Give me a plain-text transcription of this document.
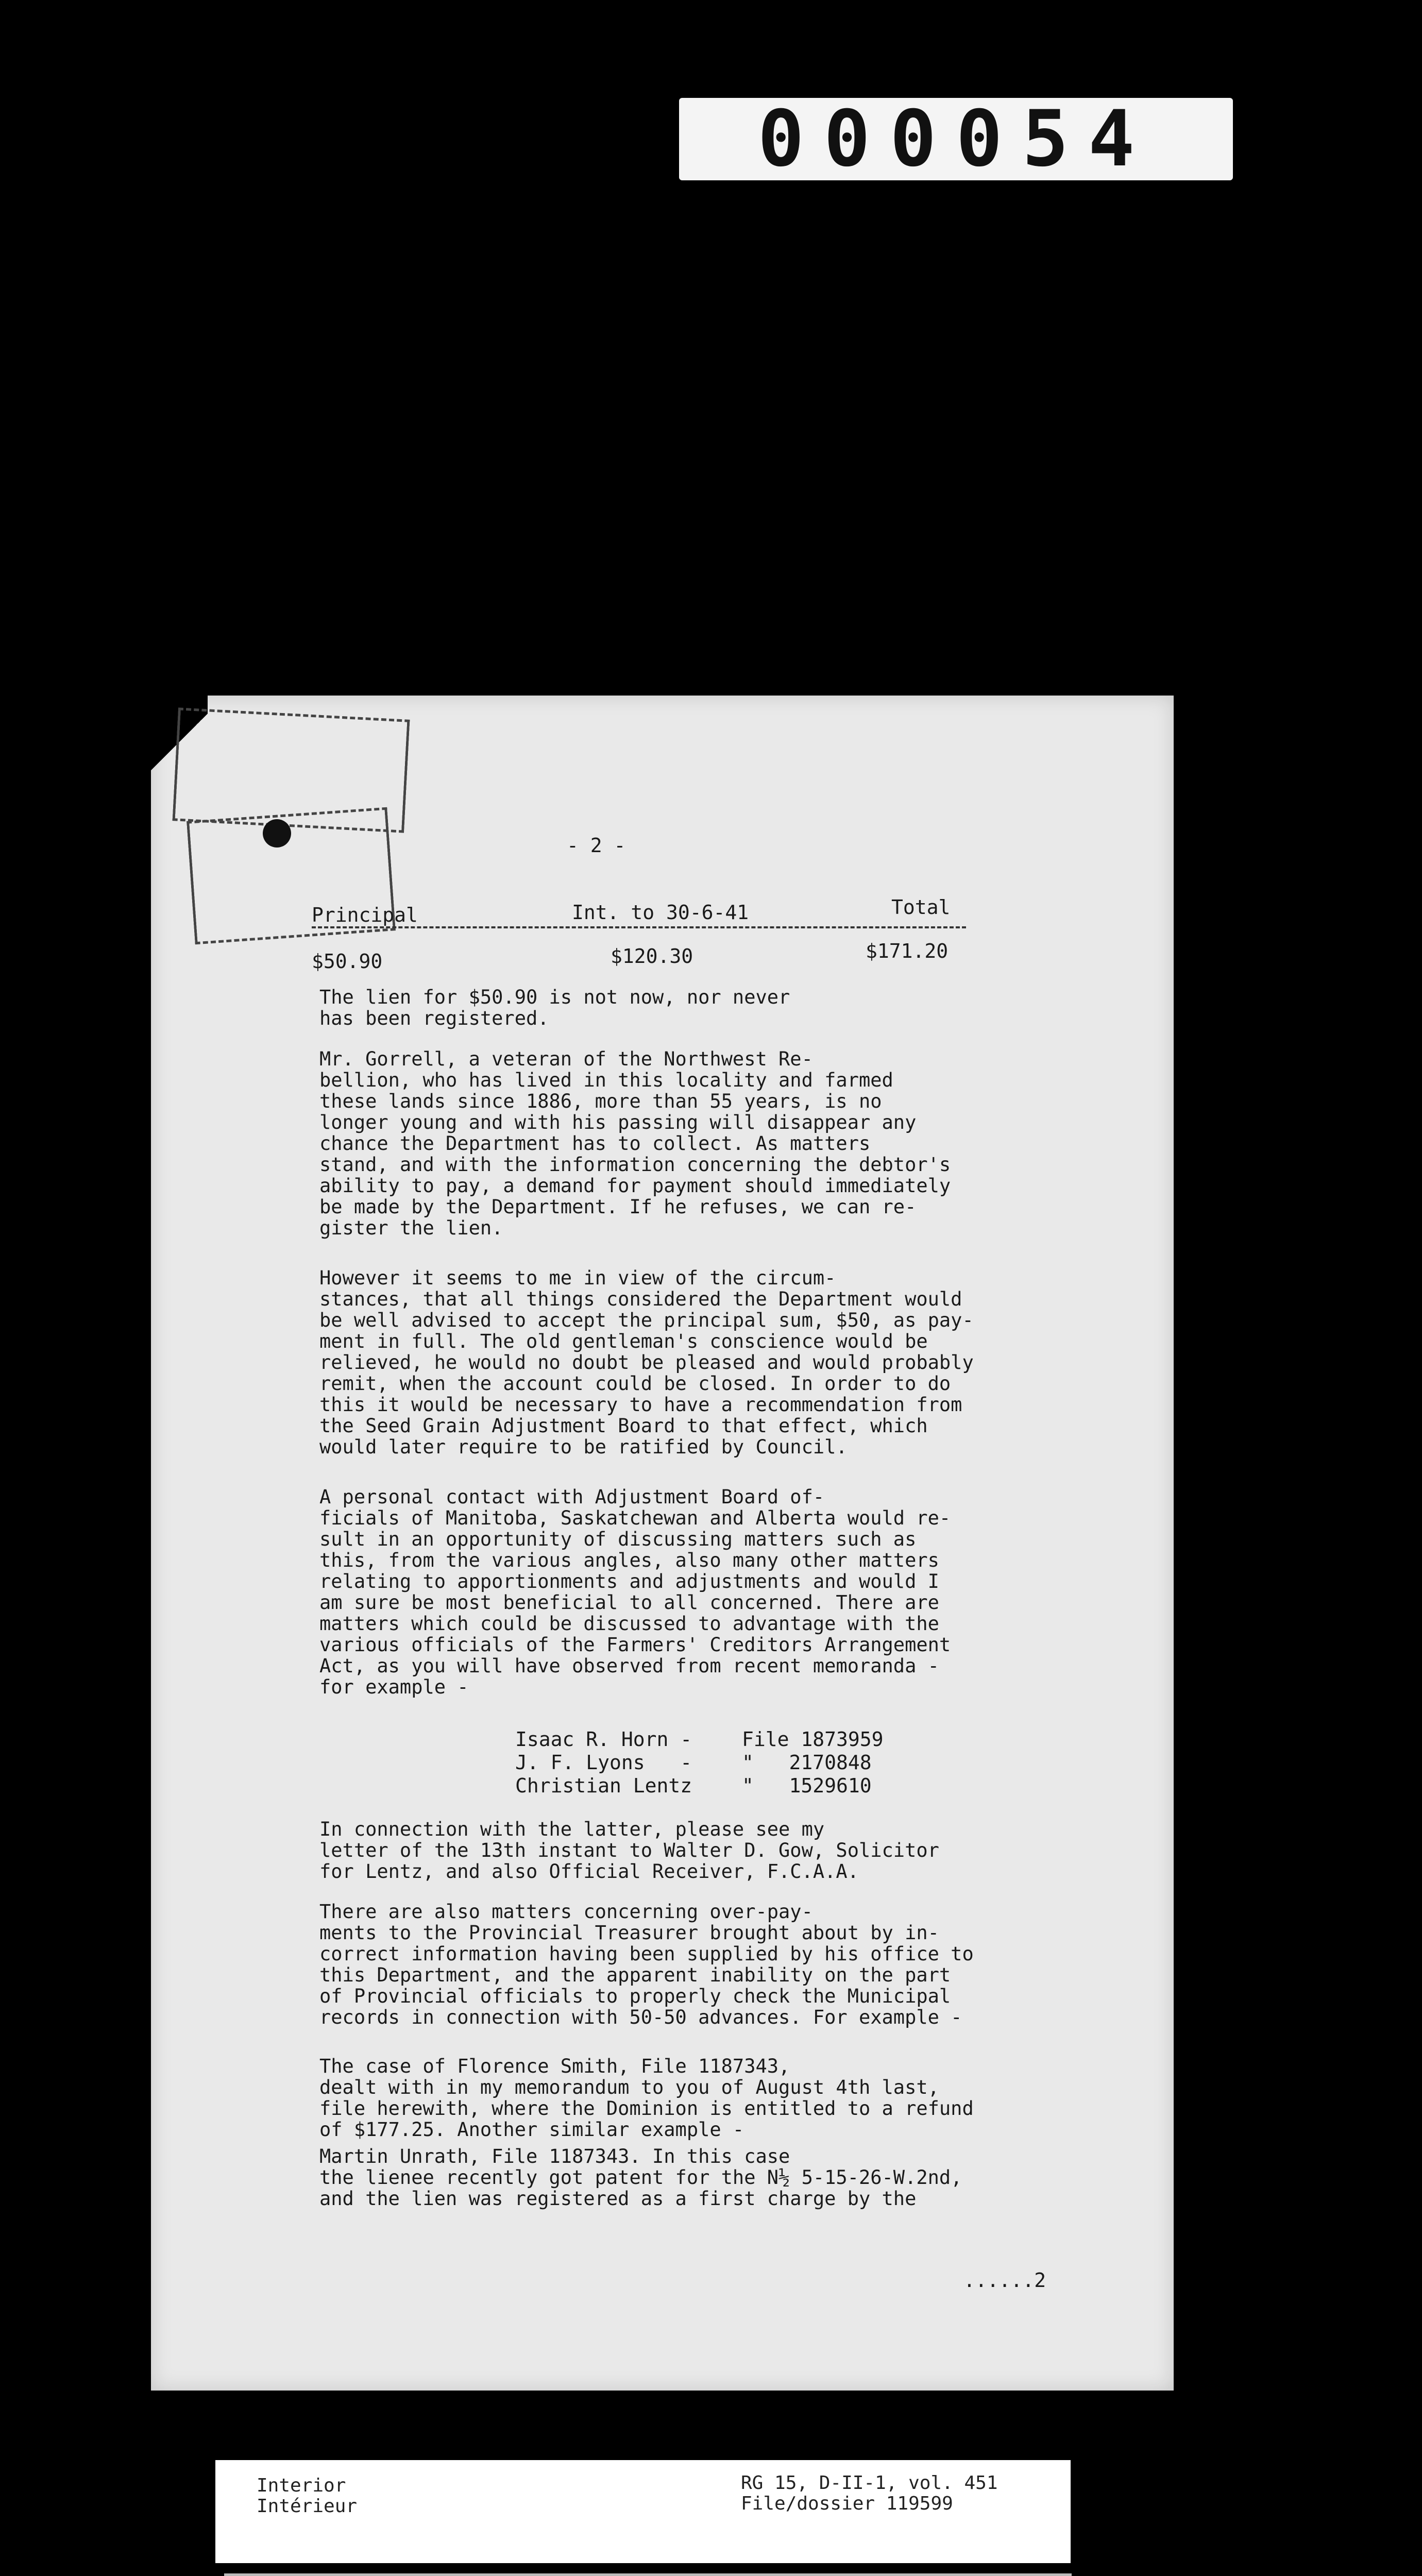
000054
- 2 -
Principal	Int. to 30-6-41	Total
$50.90	$120.30	$171.20
The lien for $50.90 is not now, nor never
has been registered.
Mr. Gorrell, a veteran of the Northwest Re-
bellion, who has lived in this locality and farmed
these lands since 1886, more than 55 years, is no
longer young and with his passing will disappear any
chance the Department has to collect. As matters
stand, and with the information concerning the debtor's
ability to pay, a demand for payment should immediately
be made by the Department. If he refuses, we can re-
gister the lien.
However it seems to me in view of the circum-
stances, that all things considered the Department would
be well advised to accept the principal sum, $50, as pay-
ment in full. The old gentleman's conscience would be
relieved, he would no doubt be pleased and would probably
remit, when the account could be closed. In order to do
this it would be necessary to have a recommendation from
the Seed Grain Adjustment Board to that effect, which
would later require to be ratified by Council.
A personal contact with Adjustment Board of-
ficials of Manitoba, Saskatchewan and Alberta would re-
sult in an opportunity of discussing matters such as
this, from the various angles, also many other matters
relating to apportionments and adjustments and would I
am sure be most beneficial to all concerned. There are
matters which could be discussed to advantage with the
various officials of the Farmers' Creditors Arrangement
Act, as you will have observed from recent memoranda -
for example -
Isaac R. Horn -	File 1873959
J. F. Lyons   -	"   2170848
Christian Lentz	"   1529610
In connection with the latter, please see my
letter of the 13th instant to Walter D. Gow, Solicitor
for Lentz, and also Official Receiver, F.C.A.A.
There are also matters concerning over-pay-
ments to the Provincial Treasurer brought about by in-
correct information having been supplied by his office to
this Department, and the apparent inability on the part
of Provincial officials to properly check the Municipal
records in connection with 50-50 advances. For example -
The case of Florence Smith, File 1187343,
dealt with in my memorandum to you of August 4th last,
file herewith, where the Dominion is entitled to a refund
of $177.25. Another similar example -
Martin Unrath, File 1187343. In this case
the lienee recently got patent for the N½ 5-15-26-W.2nd,
and the lien was registered as a first charge by the
......2
Interior
Intérieur
RG 15, D-II-1, vol. 451
File/dossier 119599
